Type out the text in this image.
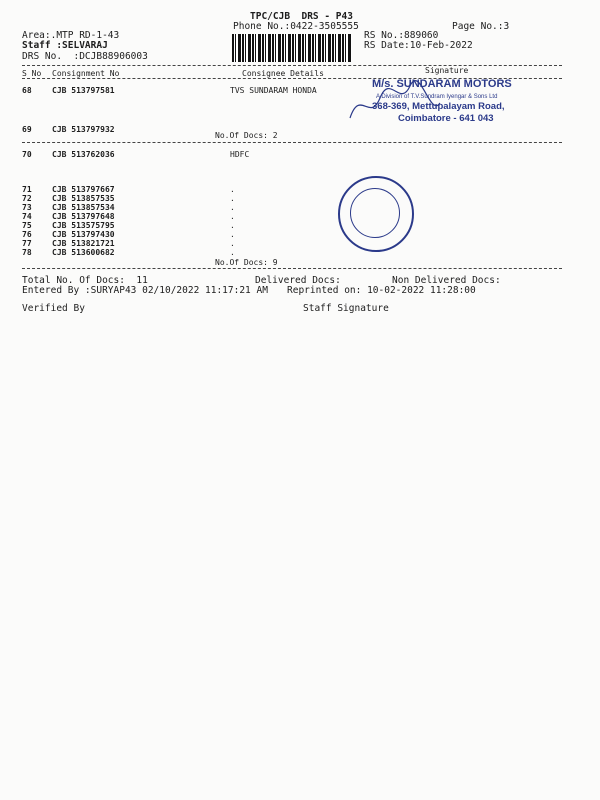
TPC/CJB  DRS - P43
Phone No.:0422-3505555	Page No.:3
Area:.MTP RD-1-43
Staff :SELVARAJ
DRS No.  :DCJB88906003
RS No.:889060
RS Date:10-Feb-2022
S No Consignment No	Consignee Details	Signature
M/s. SUNDARAM MOTORS
A Division of T.V.Sundram Iyengar & Sons Ltd
368-369, Mettupalayam Road,
Coimbatore - 641 043
68	CJB 513797581	TVS SUNDARAM HONDA
69	CJB 513797932
No.Of Docs: 2
70	CJB 513762036	HDFC
71	CJB 513797667	.
72	CJB 513857535	.
73	CJB 513857534	.
74	CJB 513797648	.
75	CJB 513575795	.
76	CJB 513797430	.
77	CJB 513821721	.
78	CJB 513600682	.
No.Of Docs: 9
Total No. Of Docs:  11	Delivered Docs:	Non Delivered Docs:
Entered By :SURYAP43 02/10/2022 11:17:21 AM Reprinted on: 10-02-2022 11:28:00
Verified By	Staff Signature
